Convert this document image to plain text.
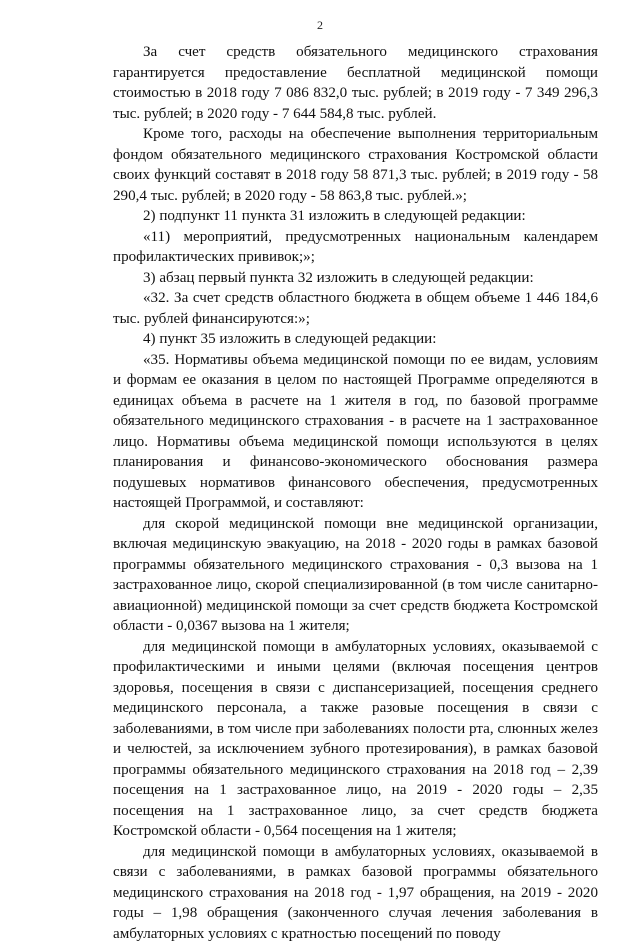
2

За счет средств обязательного медицинского страхования гарантируется предоставление бесплатной медицинской помощи стоимостью в 2018 году 7 086 832,0 тыс. рублей; в 2019 году - 7 349 296,3 тыс. рублей; в 2020 году - 7 644 584,8 тыс. рублей.

Кроме того, расходы на обеспечение выполнения территориальным фондом обязательного медицинского страхования Костромской области своих функций составят в 2018 году 58 871,3 тыс. рублей; в 2019 году - 58 290,4 тыс. рублей; в 2020 году - 58 863,8 тыс. рублей.»;

2) подпункт 11 пункта 31 изложить в следующей редакции:

«11) мероприятий, предусмотренных национальным календарем профилактических прививок;»;

3) абзац первый пункта 32 изложить в следующей редакции:

«32. За счет средств областного бюджета в общем объеме 1 446 184,6 тыс. рублей финансируются:»;

4) пункт 35 изложить в следующей редакции:

«35. Нормативы объема медицинской помощи по ее видам, условиям и формам ее оказания в целом по настоящей Программе определяются в единицах объема в расчете на 1 жителя в год, по базовой программе обязательного медицинского страхования - в расчете на 1 застрахованное лицо. Нормативы объема медицинской помощи используются в целях планирования и финансово-экономического обоснования размера подушевых нормативов финансового обеспечения, предусмотренных настоящей Программой, и составляют:

для скорой медицинской помощи вне медицинской организации, включая медицинскую эвакуацию, на 2018 - 2020 годы в рамках базовой программы обязательного медицинского страхования - 0,3 вызова на 1 застрахованное лицо, скорой специализированной (в том числе санитарно-авиационной) медицинской помощи за счет средств бюджета Костромской области - 0,0367 вызова на 1 жителя;

для медицинской помощи в амбулаторных условиях, оказываемой с профилактическими и иными целями (включая посещения центров здоровья, посещения в связи с диспансеризацией, посещения среднего медицинского персонала, а также разовые посещения в связи с заболеваниями, в том числе при заболеваниях полости рта, слюнных желез и челюстей, за исключением зубного протезирования), в рамках базовой программы обязательного медицинского страхования на 2018 год – 2,39 посещения на 1 застрахованное лицо, на 2019 - 2020 годы – 2,35 посещения на 1 застрахованное лицо, за счет средств бюджета Костромской области - 0,564 посещения на 1 жителя;

для медицинской помощи в амбулаторных условиях, оказываемой в связи с заболеваниями, в рамках базовой программы обязательного медицинского страхования на 2018 год - 1,97 обращения, на 2019 - 2020 годы – 1,98 обращения (законченного случая лечения заболевания в амбулаторных условиях с кратностью посещений по поводу
